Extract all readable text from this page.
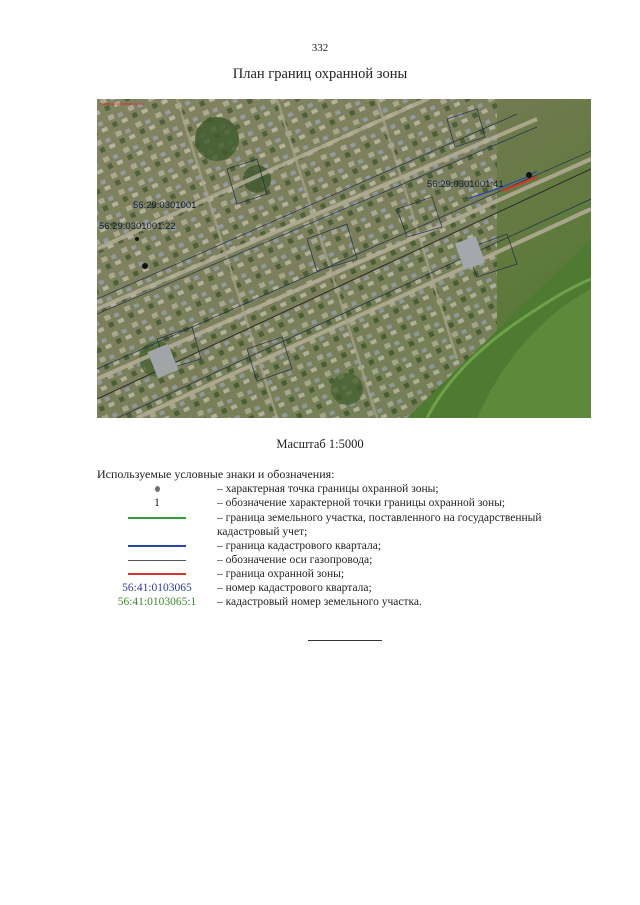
332
План границ охранной зоны
граница охранной зоны
56:29:0301001
56:29:0301001:22
56:29:0301001:41
Масштаб 1:5000
Используемые условные знаки и обозначения:
– характерная точка границы охранной зоны;
1	– обозначение характерной точки границы охранной зоны;
– граница земельного участка, поставленного на государственный кадастровый учет;
– граница кадастрового квартала;
– обозначение оси газопровода;
– граница охранной зоны;
56:41:0103065 – номер кадастрового квартала;
56:41:0103065:1 – кадастровый номер земельного участка.
